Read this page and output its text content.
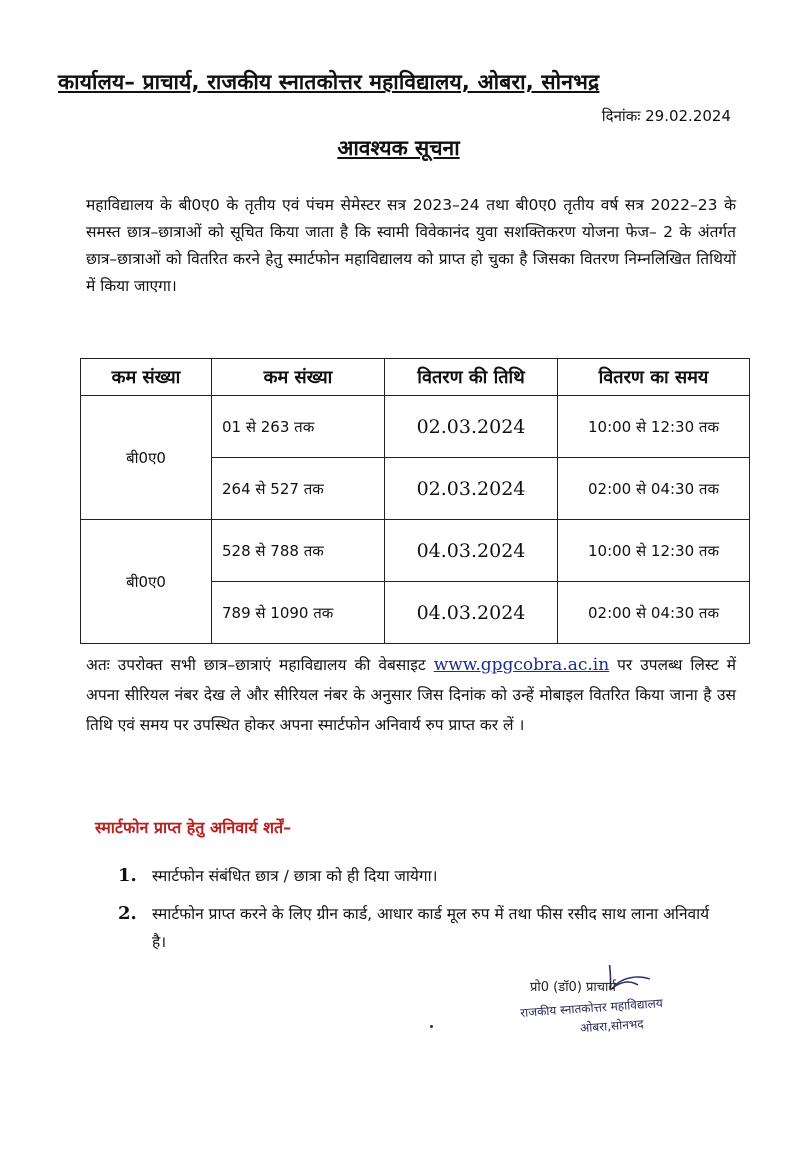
कार्यालय– प्राचार्य, राजकीय स्नातकोत्तर महाविद्यालय, ओबरा, सोनभद्र
दिनांकः 29.02.2024
आवश्यक सूचना
महाविद्यालय के बी0ए0 के तृतीय एवं पंचम सेमेस्टर सत्र 2023–24 तथा बी0ए0 तृतीय वर्ष सत्र 2022–23 के समस्त छात्र–छात्राओं को सूचित किया जाता है कि स्वामी विवेकानंद युवा सशक्तिकरण योजना फेज– 2 के अंतर्गत छात्र–छात्राओं को वितरित करने हेतु स्मार्टफोन महाविद्यालय को प्राप्त हो चुका है जिसका वितरण निम्नलिखित तिथियों में किया जाएगा।
कम संख्या	कम संख्या	वितरण की तिथि	वितरण का समय
बी0ए0	01 से 263 तक	02.03.2024	10:00 से 12:30 तक
	264 से 527 तक	02.03.2024	02:00 से 04:30 तक
बी0ए0	528 से 788 तक	04.03.2024	10:00 से 12:30 तक
	789 से 1090 तक	04.03.2024	02:00 से 04:30 तक
अतः उपरोक्त सभी छात्र–छात्राएं महाविद्यालय की वेबसाइट www.gpgcobra.ac.in पर उपलब्ध लिस्ट में अपना सीरियल नंबर देख ले और सीरियल नंबर के अनुसार जिस दिनांक को उन्हें मोबाइल वितरित किया जाना है उस तिथि एवं समय पर उपस्थित होकर अपना स्मार्टफोन अनिवार्य रुप प्राप्त कर लें ।
स्मार्टफोन प्राप्त हेतु अनिवार्य शर्तें–
1. स्मार्टफोन संबंधित छात्र / छात्रा को ही दिया जायेगा।
2. स्मार्टफोन प्राप्त करने के लिए ग्रीन कार्ड, आधार कार्ड मूल रुप में तथा फीस रसीद साथ लाना अनिवार्य है।
प्रो0 (डॉ0) प्राचार्य
राजकीय स्नातकोत्तर महाविद्यालय
ओबरा,सोनभद
